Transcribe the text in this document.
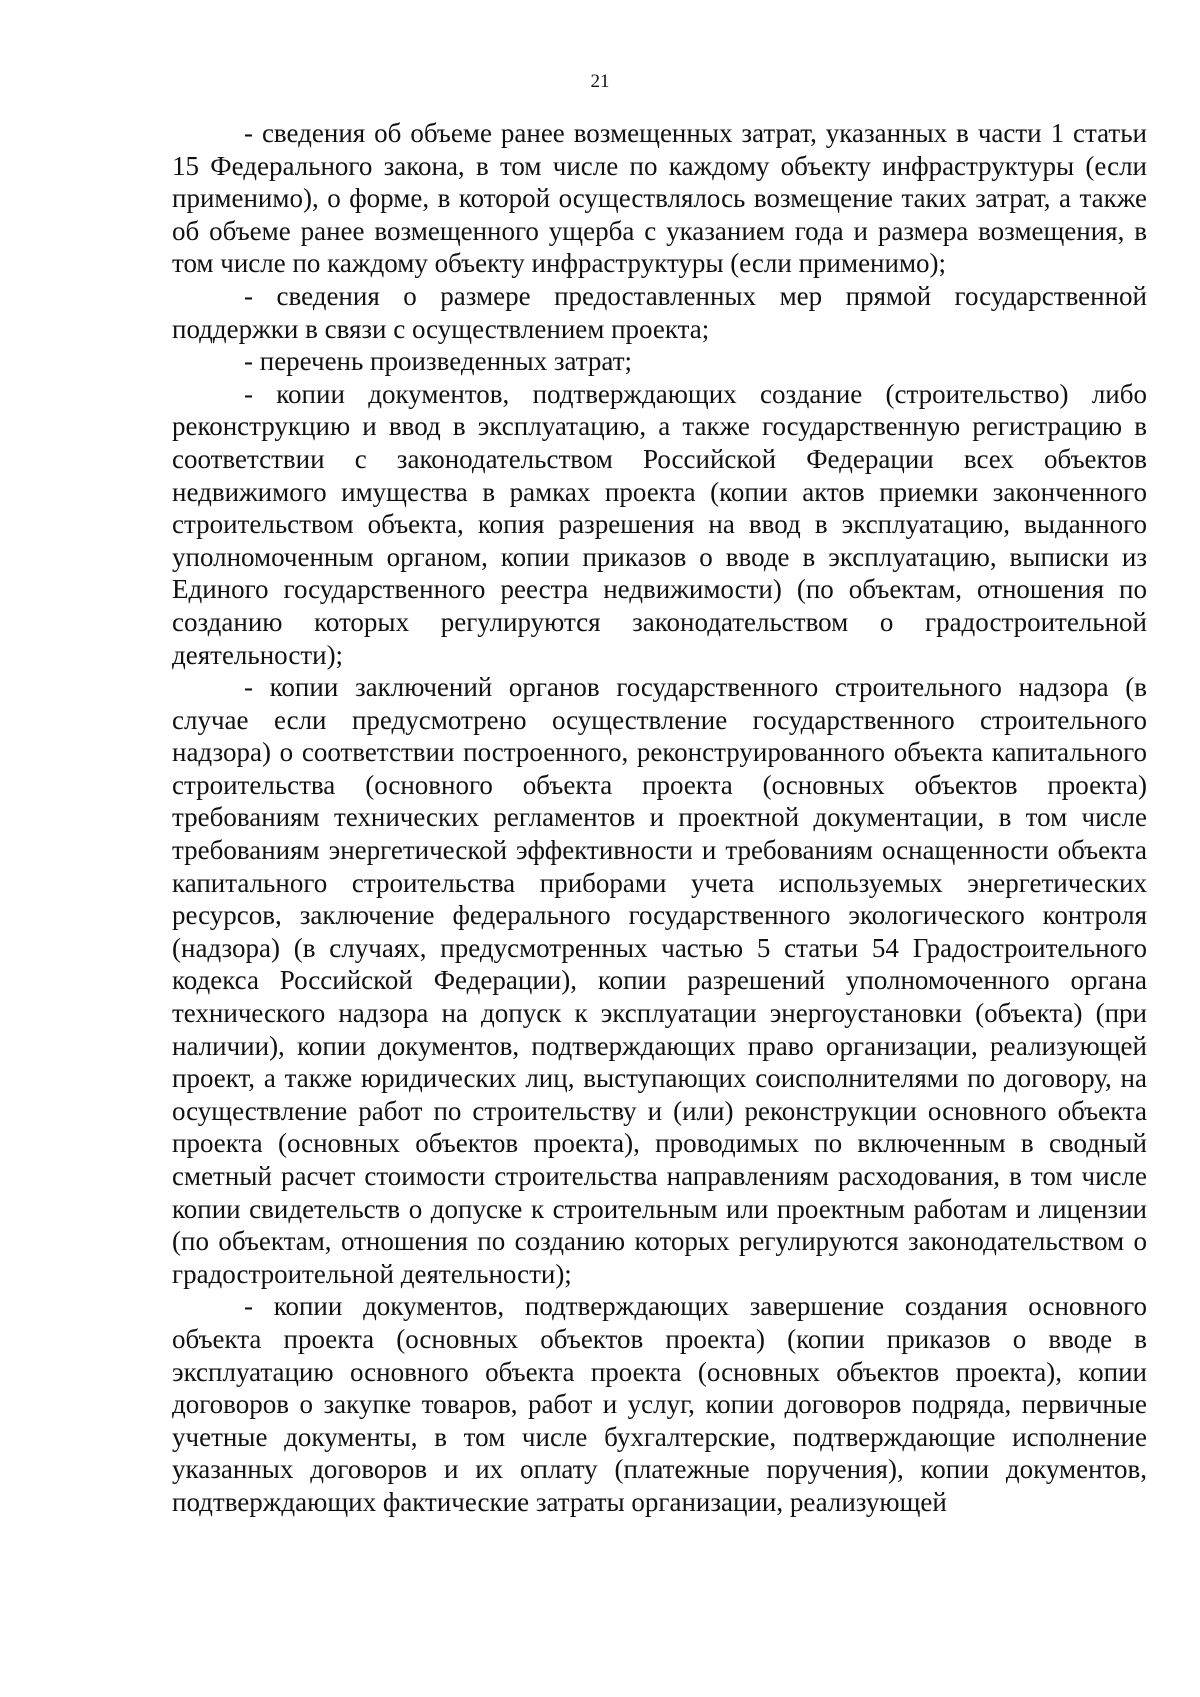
21

- сведения об объеме ранее возмещенных затрат, указанных в части 1 статьи 15 Федерального закона, в том числе по каждому объекту инфраструктуры (если применимо), о форме, в которой осуществлялось возмещение таких затрат, а также об объеме ранее возмещенного ущерба с указанием года и размера возмещения, в том числе по каждому объекту инфраструктуры (если применимо);

- сведения о размере предоставленных мер прямой государственной поддержки в связи с осуществлением проекта;

- перечень произведенных затрат;

- копии документов, подтверждающих создание (строительство) либо реконструкцию и ввод в эксплуатацию, а также государственную регистрацию в соответствии с законодательством Российской Федерации всех объектов недвижимого имущества в рамках проекта (копии актов приемки законченного строительством объекта, копия разрешения на ввод в эксплуатацию, выданного уполномоченным органом, копии приказов о вводе в эксплуатацию, выписки из Единого государственного реестра недвижимости) (по объектам, отношения по созданию которых регулируются законодательством о градостроительной деятельности);

- копии заключений органов государственного строительного надзора (в случае если предусмотрено осуществление государственного строительного надзора) о соответствии построенного, реконструированного объекта капитального строительства (основного объекта проекта (основных объектов проекта) требованиям технических регламентов и проектной документации, в том числе требованиям энергетической эффективности и требованиям оснащенности объекта капитального строительства приборами учета используемых энергетических ресурсов, заключение федерального государственного экологического контроля (надзора) (в случаях, предусмотренных частью 5 статьи 54 Градостроительного кодекса Российской Федерации), копии разрешений уполномоченного органа технического надзора на допуск к эксплуатации энергоустановки (объекта) (при наличии), копии документов, подтверждающих право организации, реализующей проект, а также юридических лиц, выступающих соисполнителями по договору, на осуществление работ по строительству и (или) реконструкции основного объекта проекта (основных объектов проекта), проводимых по включенным в сводный сметный расчет стоимости строительства направлениям расходования, в том числе копии свидетельств о допуске к строительным или проектным работам и лицензии (по объектам, отношения по созданию которых регулируются законодательством о градостроительной деятельности);

- копии документов, подтверждающих завершение создания основного объекта проекта (основных объектов проекта) (копии приказов о вводе в эксплуатацию основного объекта проекта (основных объектов проекта), копии договоров о закупке товаров, работ и услуг, копии договоров подряда, первичные учетные документы, в том числе бухгалтерские, подтверждающие исполнение указанных договоров и их оплату (платежные поручения), копии документов, подтверждающих фактические затраты организации, реализующей
